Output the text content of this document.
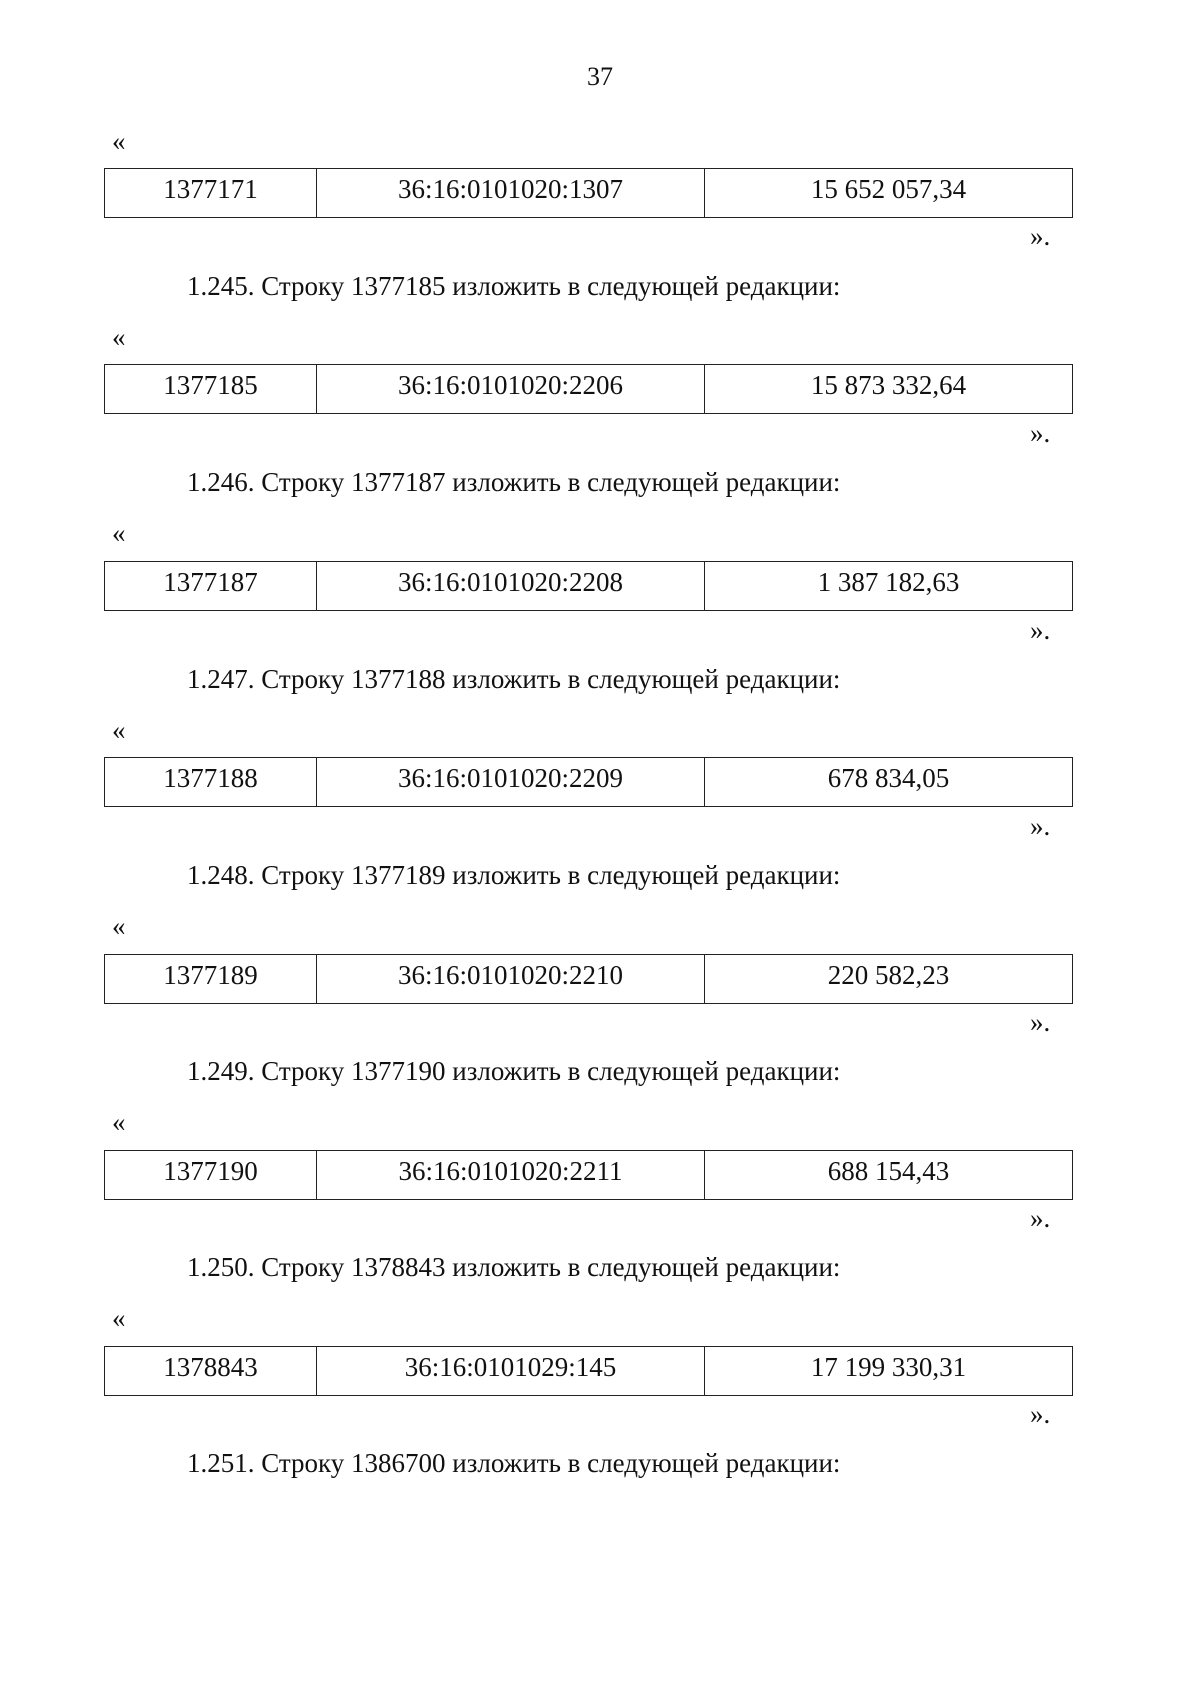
37
«
1377171	36:16:0101020:1307	15 652 057,34
».
1.245. Строку 1377185 изложить в следующей редакции:
«
1377185	36:16:0101020:2206	15 873 332,64
».
1.246. Строку 1377187 изложить в следующей редакции:
«
1377187	36:16:0101020:2208	1 387 182,63
».
1.247. Строку 1377188 изложить в следующей редакции:
«
1377188	36:16:0101020:2209	678 834,05
».
1.248. Строку 1377189 изложить в следующей редакции:
«
1377189	36:16:0101020:2210	220 582,23
».
1.249. Строку 1377190 изложить в следующей редакции:
«
1377190	36:16:0101020:2211	688 154,43
».
1.250. Строку 1378843 изложить в следующей редакции:
«
1378843	36:16:0101029:145	17 199 330,31
».
1.251. Строку 1386700 изложить в следующей редакции:
